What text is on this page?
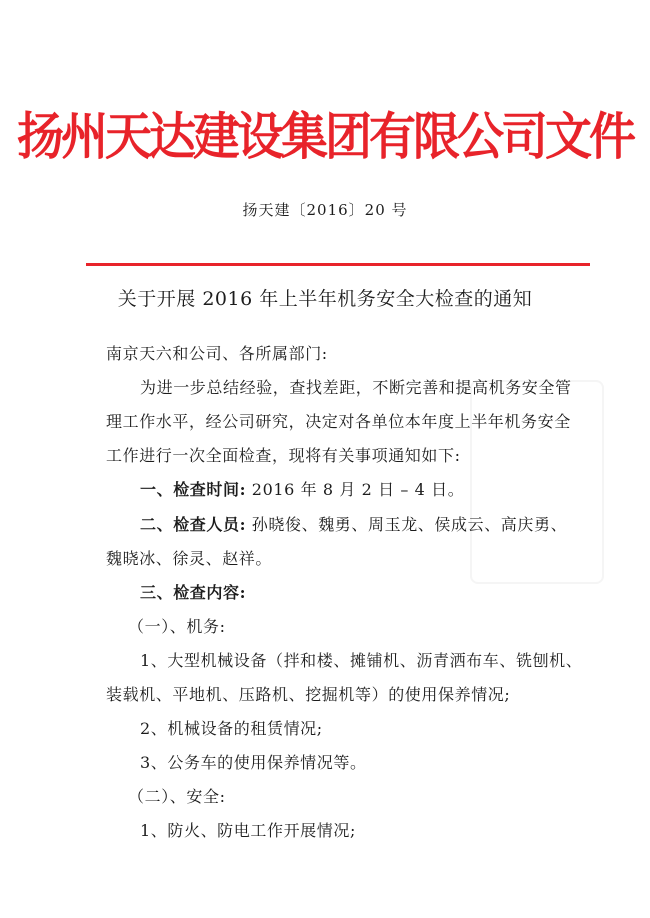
扬州天达建设集团有限公司文件
扬天建〔2016〕20 号
关于开展 2016 年上半年机务安全大检查的通知
南京天六和公司、各所属部门:
为进一步总结经验，查找差距，不断完善和提高机务安全管
理工作水平，经公司研究，决定对各单位本年度上半年机务安全
工作进行一次全面检查，现将有关事项通知如下:
一、检查时间: 2016 年 8 月 2 日 – 4 日。
二、检查人员: 孙晓俊、魏勇、周玉龙、侯成云、高庆勇、
魏晓冰、徐灵、赵祥。
三、检查内容:
（一）、机务:
1、大型机械设备（拌和楼、摊铺机、沥青洒布车、铣刨机、
装载机、平地机、压路机、挖掘机等）的使用保养情况;
2、机械设备的租赁情况;
3、公务车的使用保养情况等。
（二）、安全:
1、防火、防电工作开展情况;
